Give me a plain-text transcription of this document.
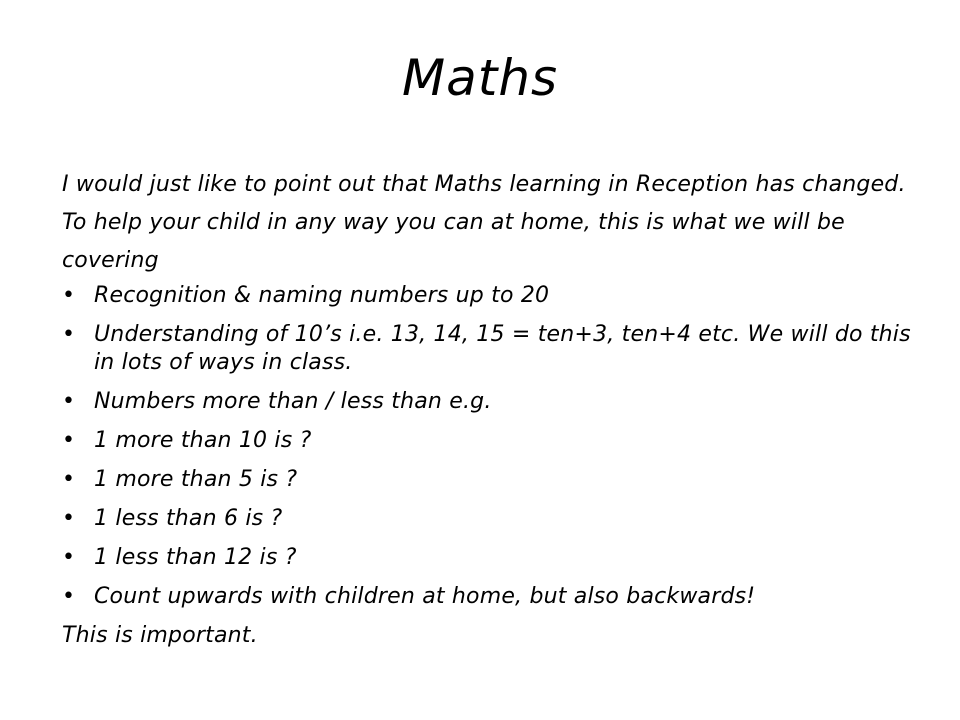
Maths

I would just like to point out that Maths learning in Reception has changed. To help your child in any way you can at home, this is what we will be covering

• Recognition & naming numbers up to 20
• Understanding of 10’s i.e. 13, 14, 15 = ten+3, ten+4 etc. We will do this in lots of ways in class.
• Numbers more than / less than e.g.
• 1 more than 10 is ?
• 1 more than 5 is ?
• 1 less than 6 is ?
• 1 less than 12 is ?
• Count upwards with children at home, but also backwards!

This is important.
